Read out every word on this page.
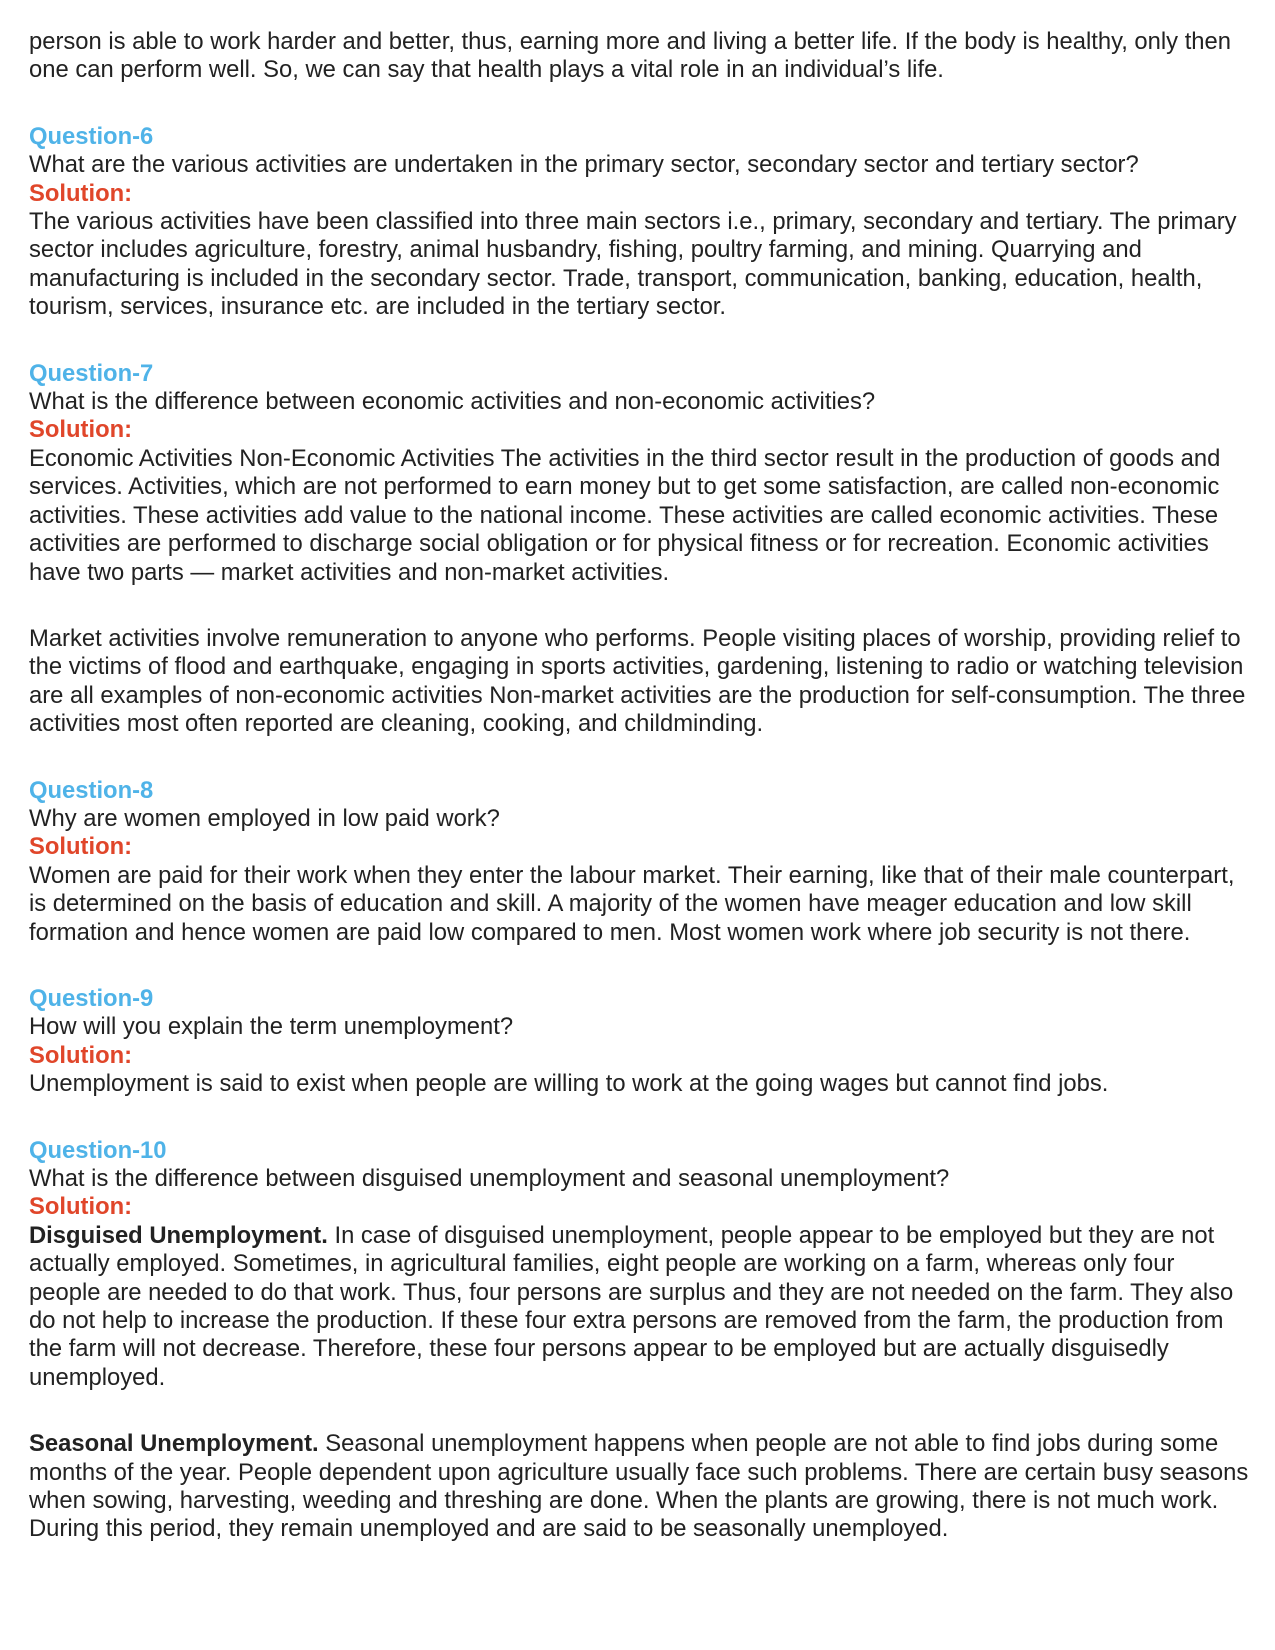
person is able to work harder and better, thus, earning more and living a better life. If the body is healthy, only then one can perform well. So, we can say that health plays a vital role in an individual’s life.

Question-6

What are the various activities are undertaken in the primary sector, secondary sector and tertiary sector?

Solution:

The various activities have been classified into three main sectors i.e., primary, secondary and tertiary. The primary sector includes agriculture, forestry, animal husbandry, fishing, poultry farming, and mining. Quarrying and manufacturing is included in the secondary sector. Trade, transport, communication, banking, education, health, tourism, services, insurance etc. are included in the tertiary sector.

Question-7

What is the difference between economic activities and non-economic activities?

Solution:

Economic Activities Non-Economic Activities The activities in the third sector result in the production of goods and services. Activities, which are not performed to earn money but to get some satisfaction, are called non-economic activities. These activities add value to the national income. These activities are called economic activities. These activities are performed to discharge social obligation or for physical fitness or for recreation. Economic activities have two parts — market activities and non-market activities.

Market activities involve remuneration to anyone who performs. People visiting places of worship, providing relief to the victims of flood and earthquake, engaging in sports activities, gardening, listening to radio or watching television are all examples of non-economic activities Non-market activities are the production for self-consumption. The three activities most often reported are cleaning, cooking, and childminding.

Question-8

Why are women employed in low paid work?

Solution:

Women are paid for their work when they enter the labour market. Their earning, like that of their male counterpart, is determined on the basis of education and skill. A majority of the women have meager education and low skill formation and hence women are paid low compared to men. Most women work where job security is not there.

Question-9

How will you explain the term unemployment?

Solution:

Unemployment is said to exist when people are willing to work at the going wages but cannot find jobs.

Question-10

What is the difference between disguised unemployment and seasonal unemployment?

Solution:

Disguised Unemployment. In case of disguised unemployment, people appear to be employed but they are not actually employed. Sometimes, in agricultural families, eight people are working on a farm, whereas only four people are needed to do that work. Thus, four persons are surplus and they are not needed on the farm. They also do not help to increase the production. If these four extra persons are removed from the farm, the production from the farm will not decrease. Therefore, these four persons appear to be employed but are actually disguisedly unemployed.

Seasonal Unemployment. Seasonal unemployment happens when people are not able to find jobs during some months of the year. People dependent upon agriculture usually face such problems. There are certain busy seasons when sowing, harvesting, weeding and threshing are done. When the plants are growing, there is not much work. During this period, they remain unemployed and are said to be seasonally unemployed.
